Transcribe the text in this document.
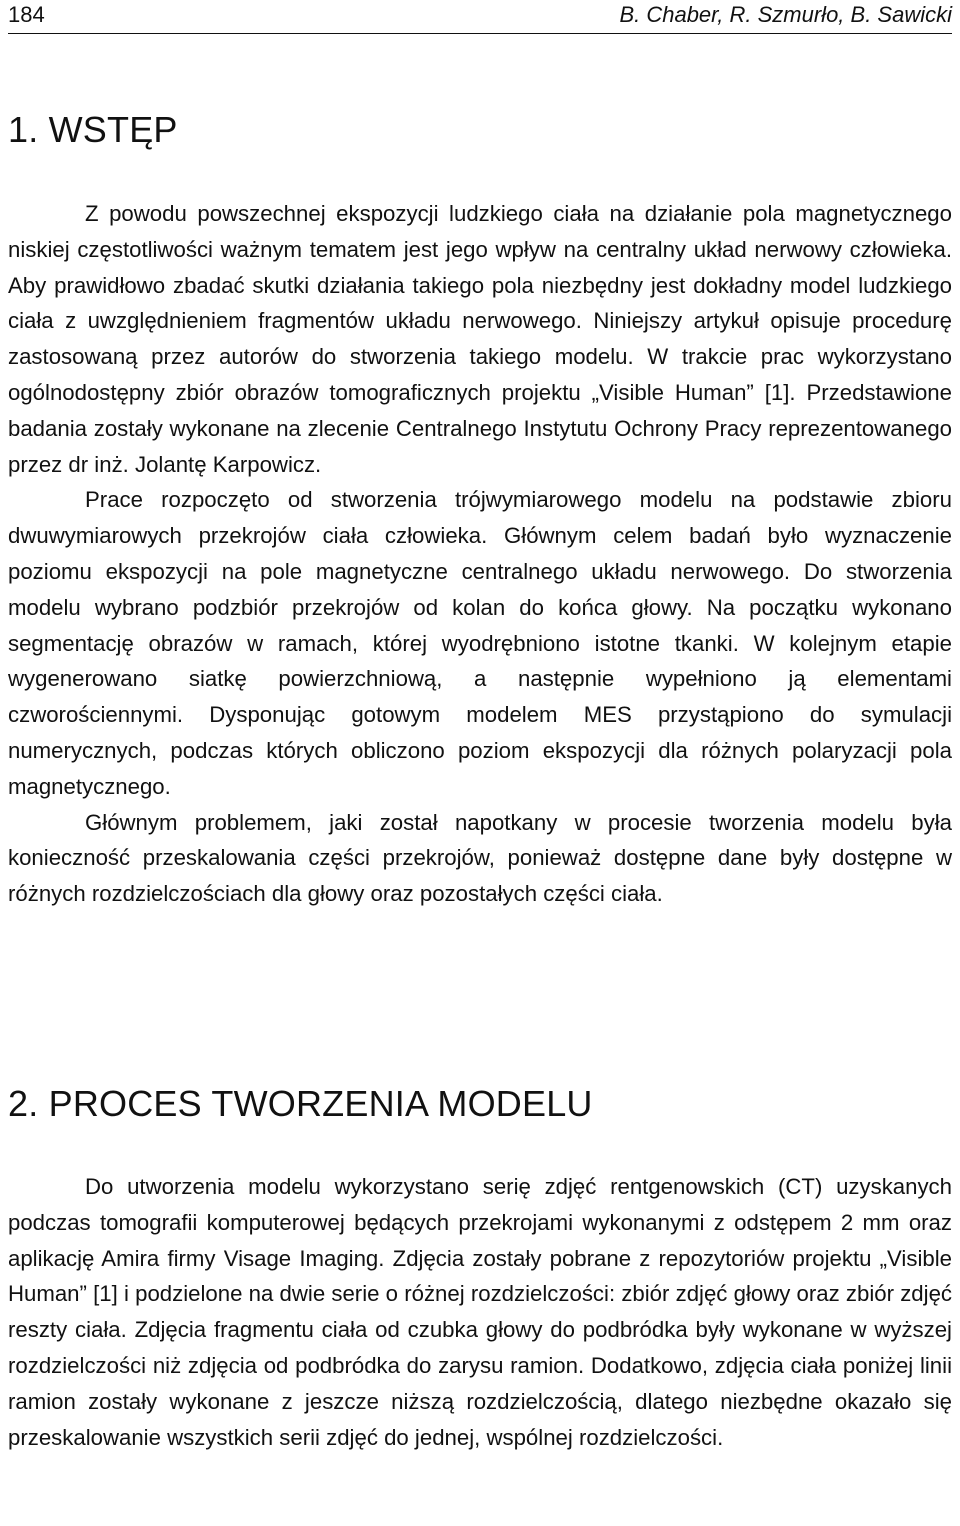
184	B. Chaber, R. Szmurło, B. Sawicki
1. WSTĘP

Z powodu powszechnej ekspozycji ludzkiego ciała na działanie pola magnetycznego niskiej częstotliwości ważnym tematem jest jego wpływ na centralny układ nerwowy człowieka. Aby prawidłowo zbadać skutki działania takiego pola niezbędny jest dokładny model ludzkiego ciała z uwzględnieniem fragmentów układu nerwowego. Niniejszy artykuł opisuje procedurę zastosowaną przez autorów do stworzenia takiego modelu. W trakcie prac wykorzystano ogólnodostępny zbiór obrazów tomograficznych projektu „Visible Human” [1]. Przedstawione badania zostały wykonane na zlecenie Centralnego Instytutu Ochrony Pracy reprezentowanego przez dr inż. Jolantę Karpowicz.

Prace rozpoczęto od stworzenia trójwymiarowego modelu na podstawie zbioru dwuwymiarowych przekrojów ciała człowieka. Głównym celem badań było wyznaczenie poziomu ekspozycji na pole magnetyczne centralnego układu nerwowego. Do stworzenia modelu wybrano podzbiór przekrojów od kolan do końca głowy. Na początku wykonano segmentację obrazów w ramach, której wyodrębniono istotne tkanki. W kolejnym etapie wygenerowano siatkę powierzchniową, a następnie wypełniono ją elementami czworościennymi. Dysponując gotowym modelem MES przystąpiono do symulacji numerycznych, podczas których obliczono poziom ekspozycji dla różnych polaryzacji pola magnetycznego.

Głównym problemem, jaki został napotkany w procesie tworzenia modelu była konieczność przeskalowania części przekrojów, ponieważ dostępne dane były dostępne w różnych rozdzielczościach dla głowy oraz pozostałych części ciała.

2. PROCES TWORZENIA MODELU

Do utworzenia modelu wykorzystano serię zdjęć rentgenowskich (CT) uzyskanych podczas tomografii komputerowej będących przekrojami wykonanymi z odstępem 2 mm oraz aplikację Amira firmy Visage Imaging. Zdjęcia zostały pobrane z repozytoriów projektu „Visible Human” [1] i podzielone na dwie serie o różnej rozdzielczości: zbiór zdjęć głowy oraz zbiór zdjęć reszty ciała. Zdjęcia fragmentu ciała od czubka głowy do podbródka były wykonane w wyższej rozdzielczości niż zdjęcia od podbródka do zarysu ramion. Dodatkowo, zdjęcia ciała poniżej linii ramion zostały wykonane z jeszcze niższą rozdzielczością, dlatego niezbędne okazało się przeskalowanie wszystkich serii zdjęć do jednej, wspólnej rozdzielczości.
